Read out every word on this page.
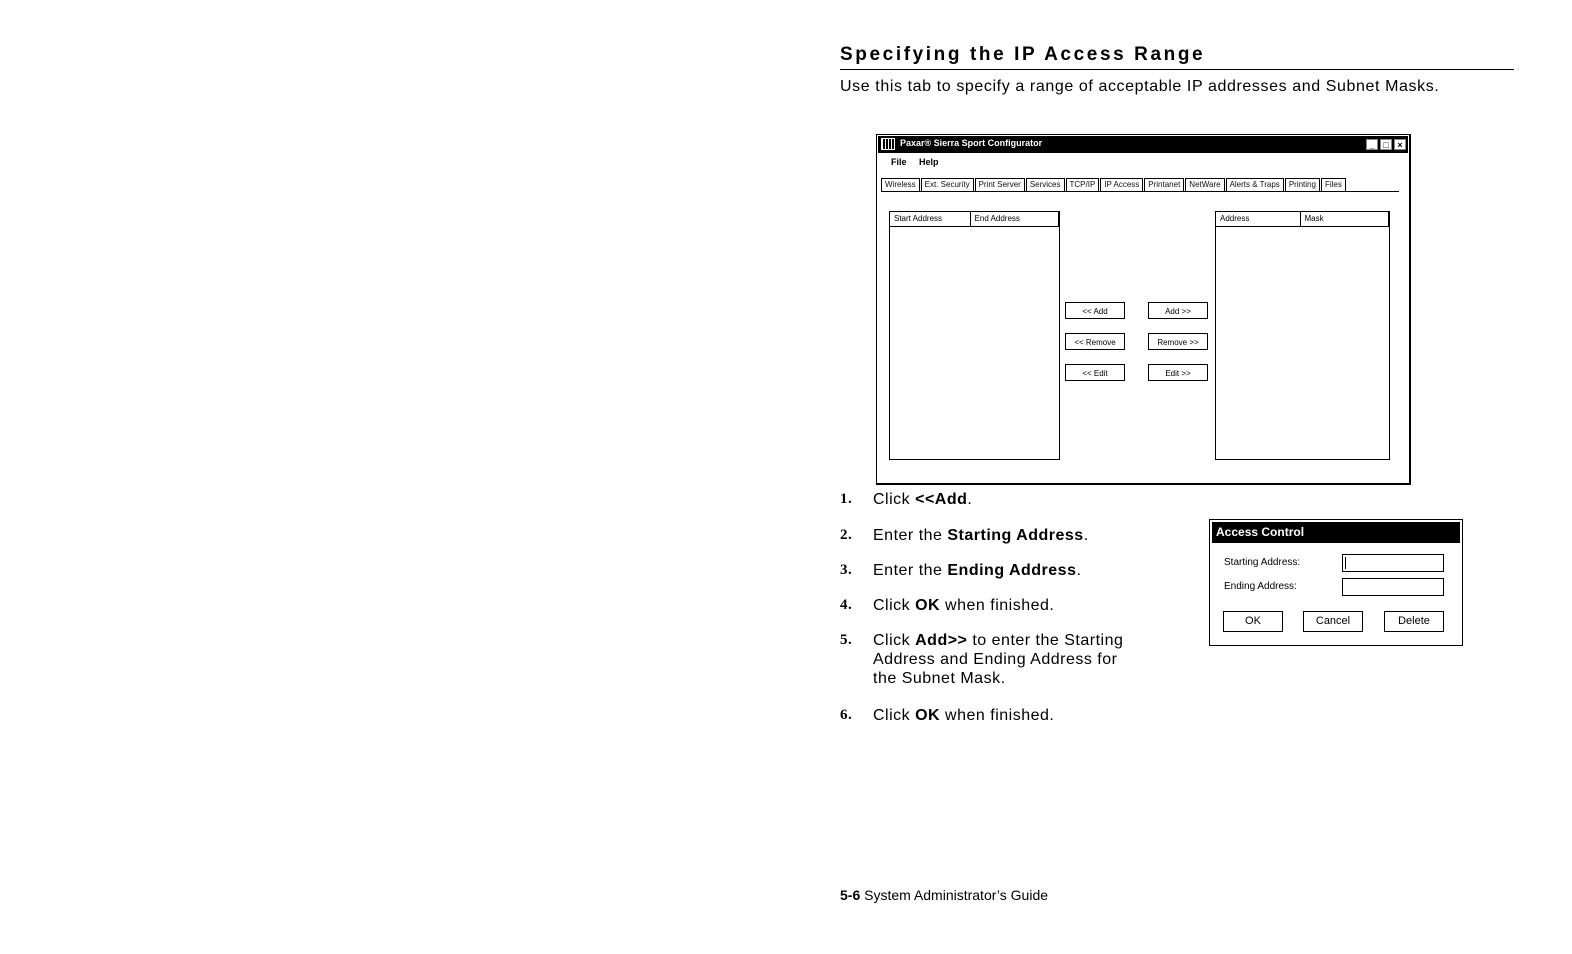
Specifying the IP Access Range
Use this tab to specify a range of acceptable IP addresses and Subnet Masks.
Paxar® Sierra Sport Configurator	_ □ ×
File Help
Wireless	Ext. Security	Print Server	Services	TCP/IP	IP Access	Printanet	NetWare	Alerts & Traps	Printing	Files
Start Address	End Address
<< Add
<< Remove
<< Edit
Add >>
Remove >>
Edit >>
Address	Mask
1. Click <<Add.
2. Enter the Starting Address.
3. Enter the Ending Address.
4. Click OK when finished.
5. Click Add>> to enter the Starting
Address and Ending Address for
the Subnet Mask.
6. Click OK when finished.
Access Control
Starting Address:
Ending Address:
OK	Cancel	Delete
5-6 System Administrator’s Guide
